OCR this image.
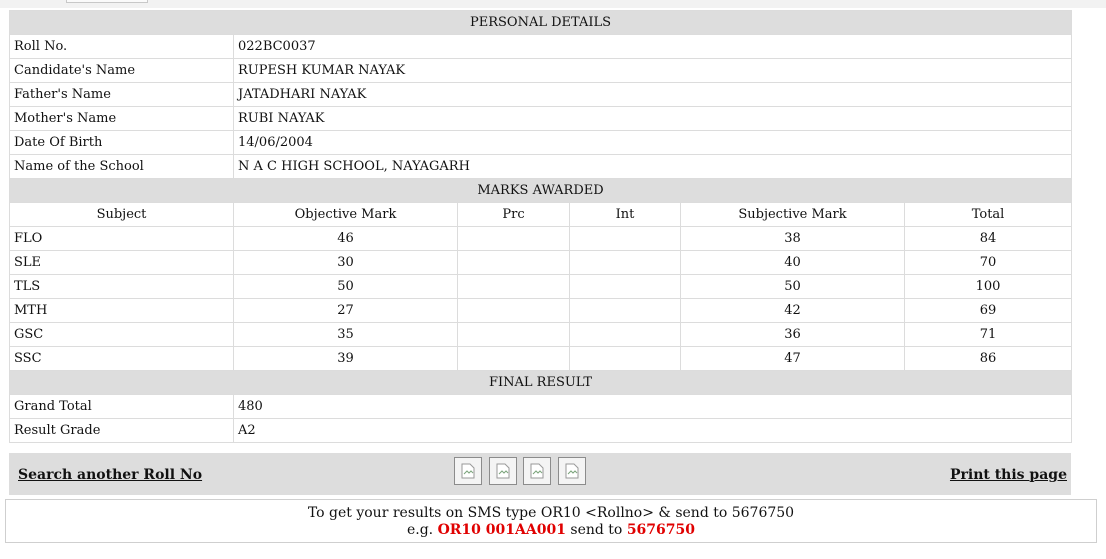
PERSONAL DETAILS					
Roll No.	022BC0037				
Candidate's Name	RUPESH KUMAR NAYAK				
Father's Name	JATADHARI NAYAK				
Mother's Name	RUBI NAYAK				
Date Of Birth	14/06/2004				
Name of the School	N A C HIGH SCHOOL, NAYAGARH				
MARKS AWARDED					
Subject	Objective Mark	Prc	Int	Subjective Mark	Total
FLO	46			38	84
SLE	30			40	70
TLS	50			50	100
MTH	27			42	69
GSC	35			36	71
SSC	39			47	86
FINAL RESULT					
Grand Total	480				
Result Grade	A2				
Search another Roll No	Print this page
To get your results on SMS type OR10 <Rollno> & send to 5676750
e.g. OR10 001AA001 send to 5676750
